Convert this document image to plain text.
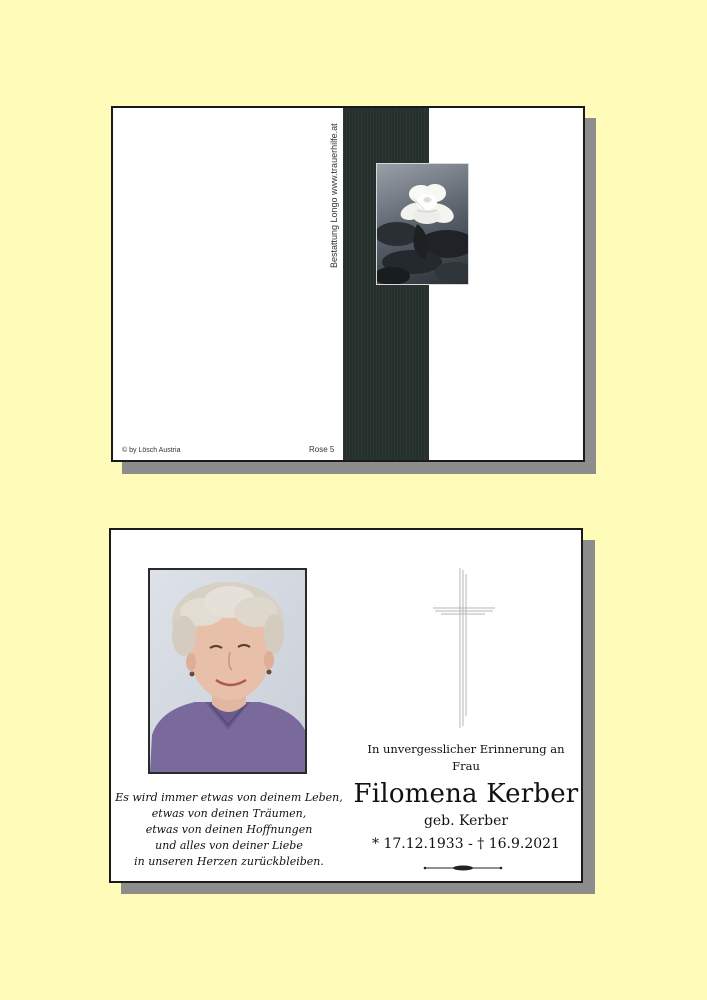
Bestattung Longo www.trauerhilfe.at
© by Lösch Austria	Rose 5
Es wird immer etwas von deinem Leben,
etwas von deinen Träumen,
etwas von deinen Hoffnungen
und alles von deiner Liebe
in unseren Herzen zurückbleiben.
In unvergesslicher Erinnerung an
Frau
Filomena Kerber
geb. Kerber
* 17.12.1933 - † 16.9.2021
